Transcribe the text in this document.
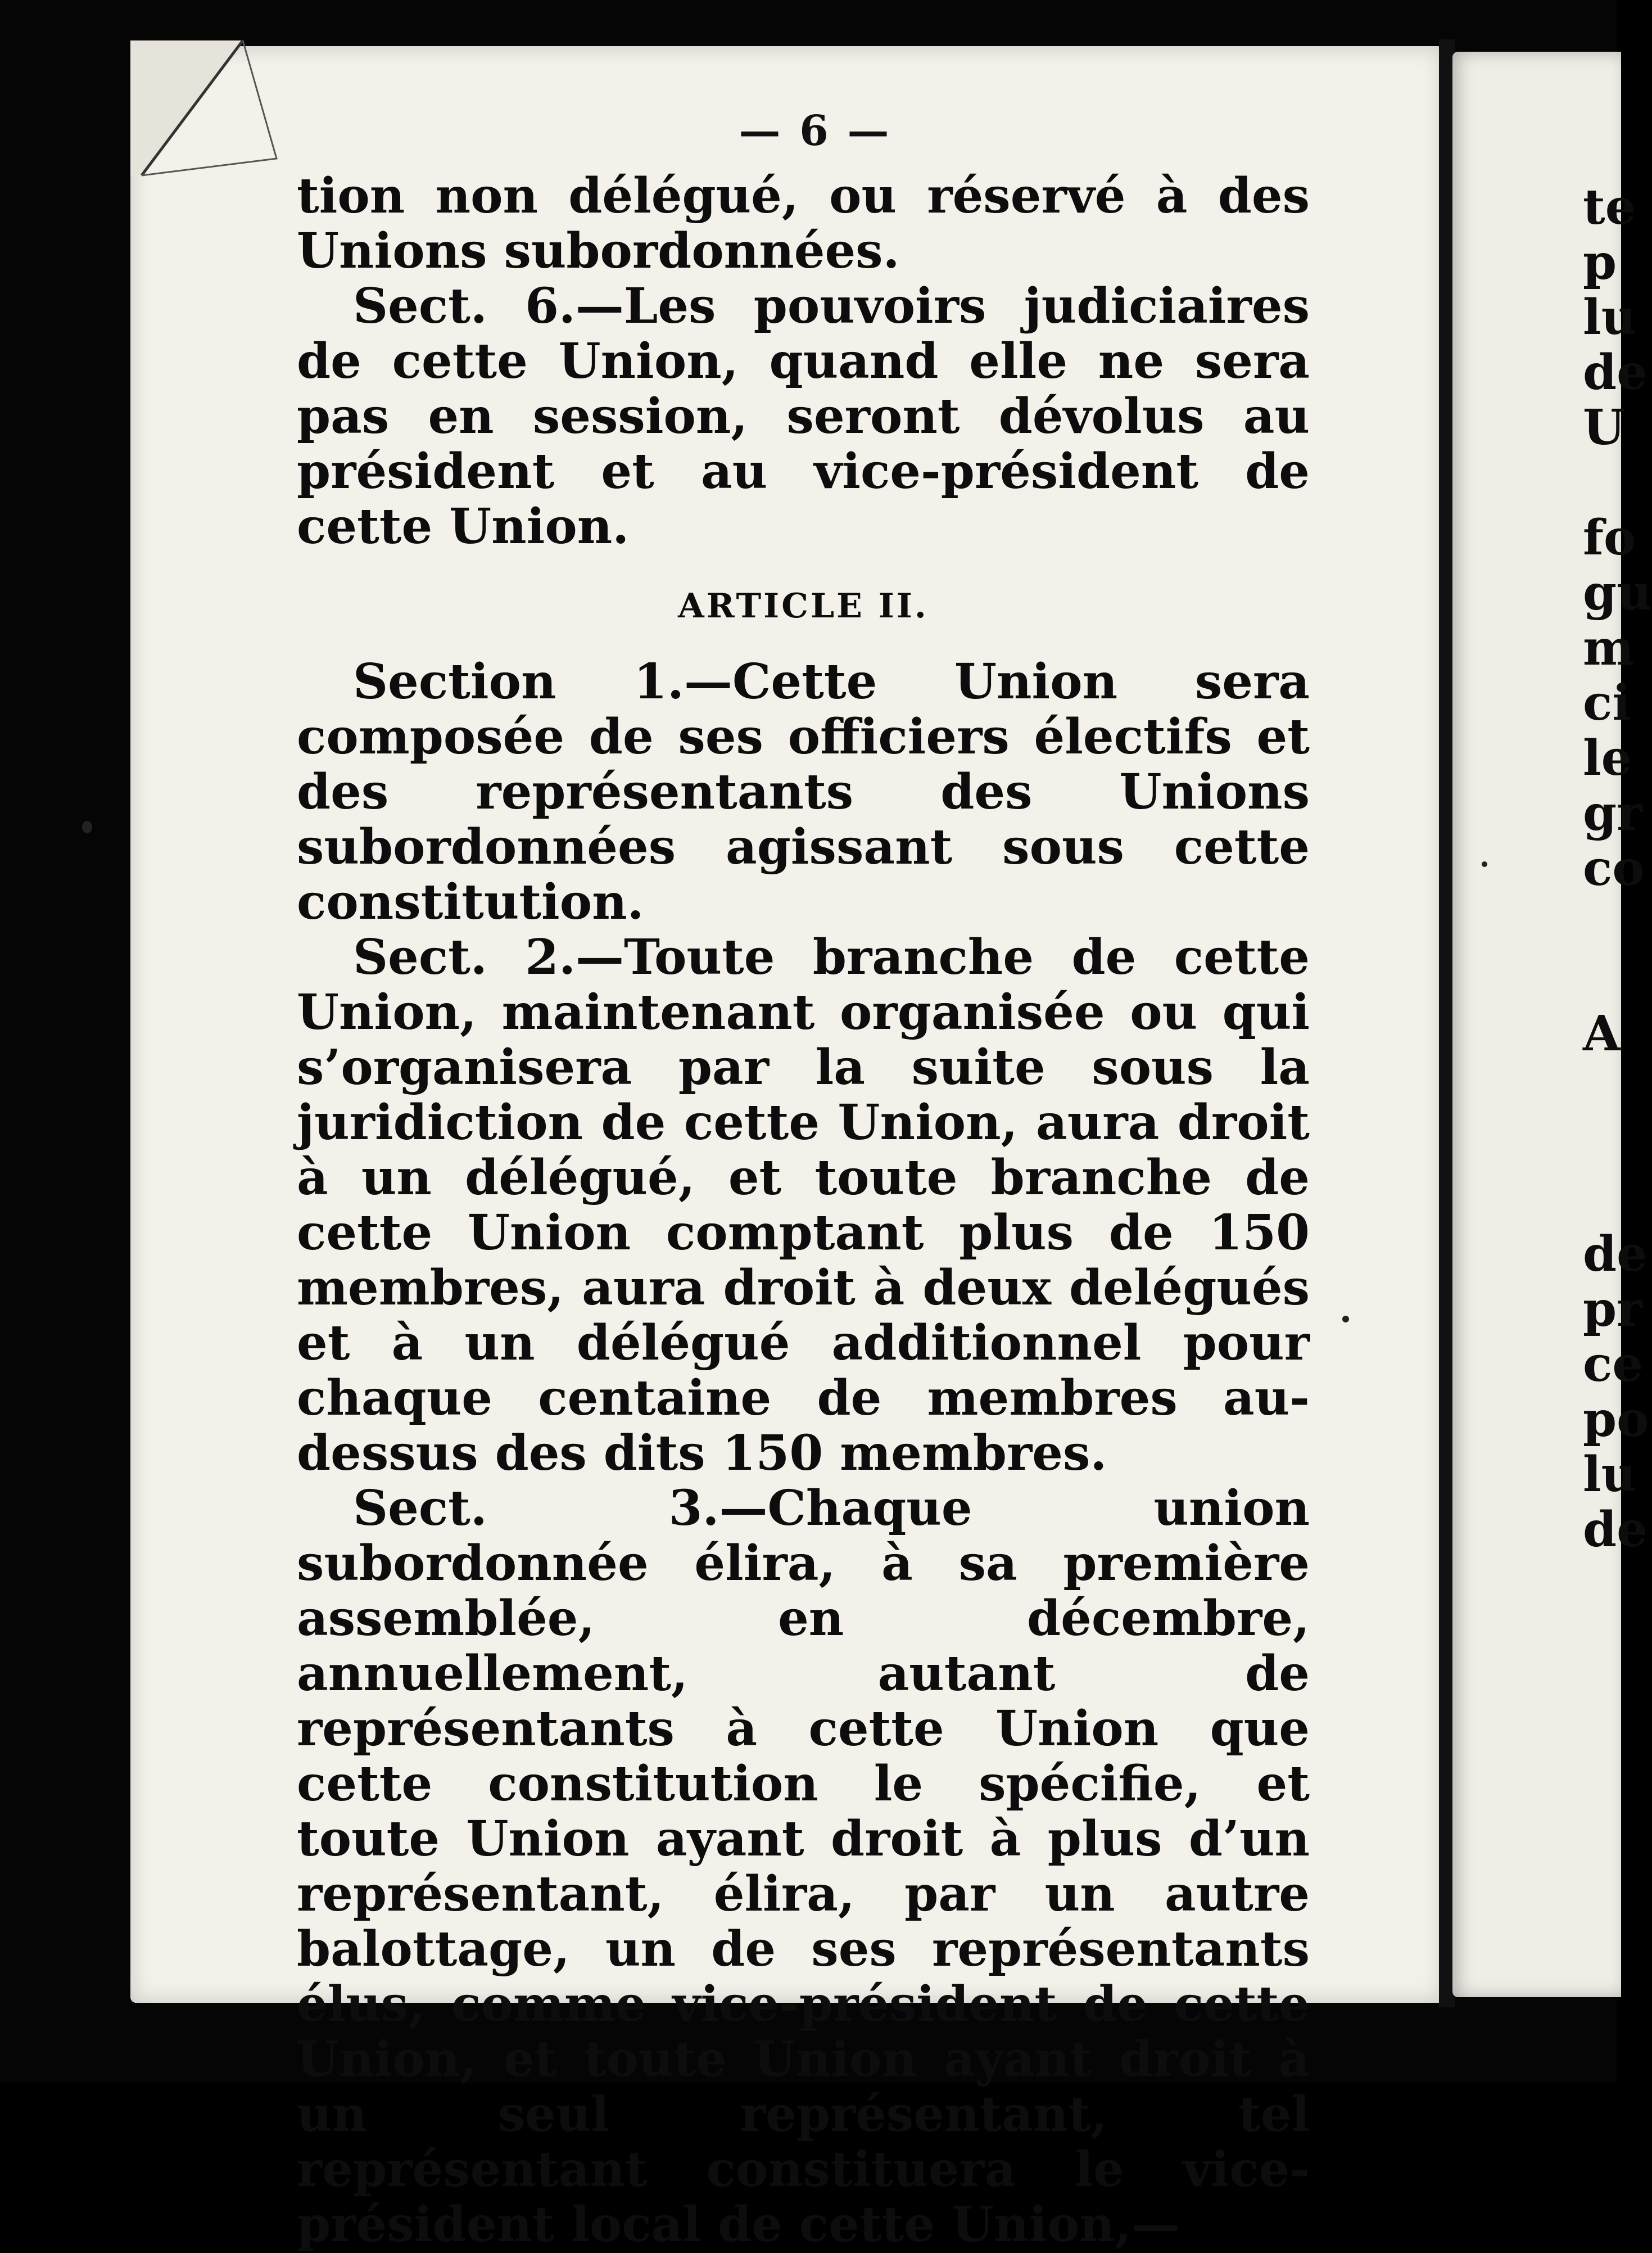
— 6 —

tion non délégué, ou réservé à des Unions subordonnées.

Sect. 6.—Les pouvoirs judiciaires de cette Union, quand elle ne sera pas en session, seront dévolus au président et au vice-président de cette Union.

ARTICLE II.

Section 1.—Cette Union sera composée de ses officiers électifs et des représentants des Unions subordonnées agissant sous cette constitution.

Sect. 2.—Toute branche de cette Union, maintenant organisée ou qui s’organisera par la suite sous la juridiction de cette Union, aura droit à un délégué, et toute branche de cette Union comptant plus de 150 membres, aura droit à deux delégués et à un délégué additionnel pour chaque centaine de membres au-dessus des dits 150 membres.

Sect. 3.—Chaque union subordonnée élira, à sa première assemblée, en décembre, annuellement, autant de représentants à cette Union que cette constitution le spécifie, et toute Union ayant droit à plus d’un représentant, élira, par un autre balottage, un de ses représentants élus, comme vice-président de cette Union, et toute Union ayant droit à un seul représentant, tel représentant constituera le vice-président local de cette Union,—

te
p
lu
de
U
fo
gu
m
ci
le
gr
co
A
de
pr
ce
po
lu
de
